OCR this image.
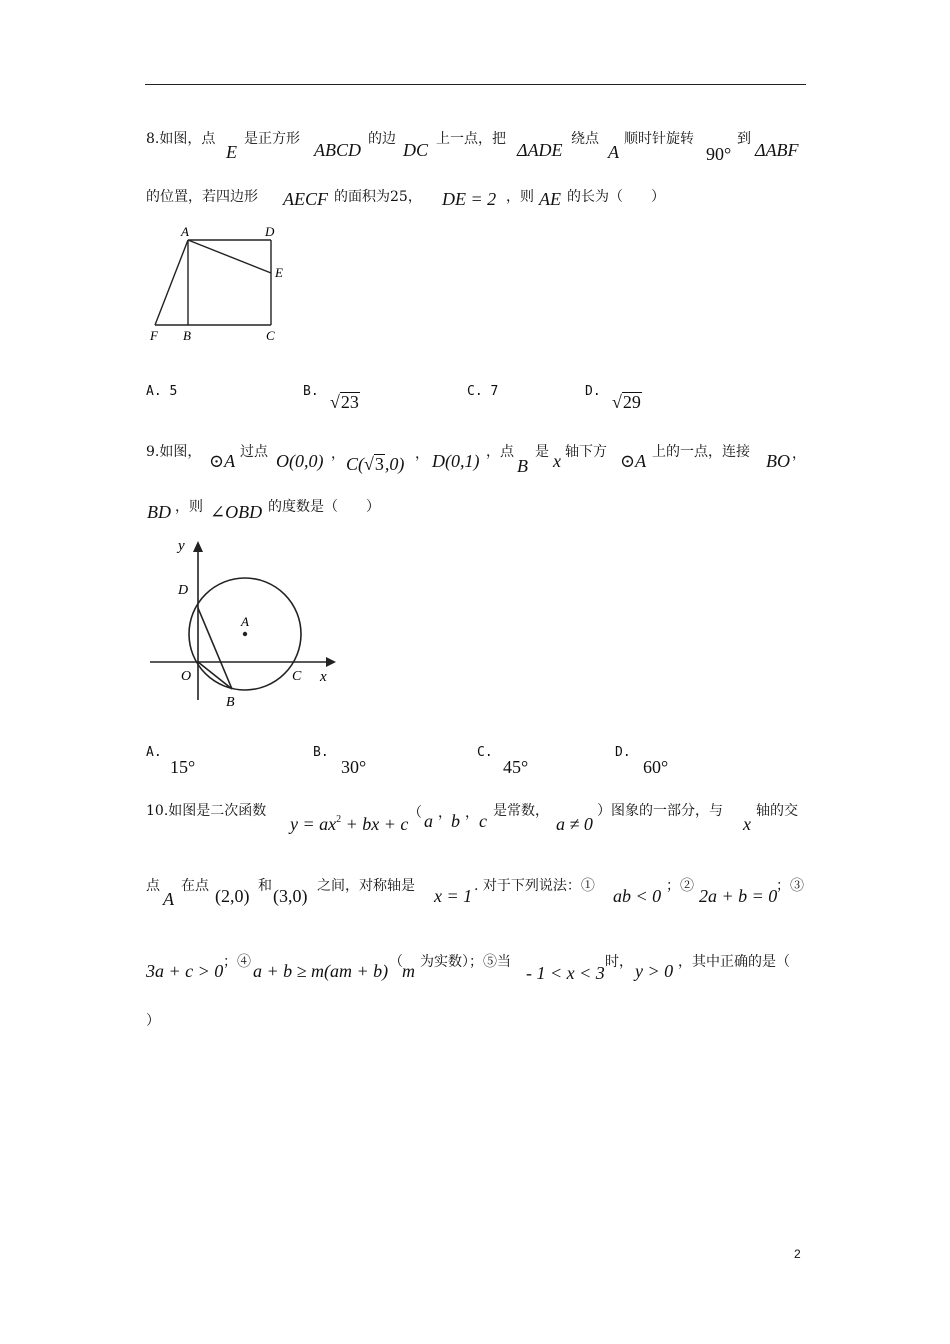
8.如图，点
E
是正方形
ABCD
的边
DC
上一点，把
ΔADE
绕点
A
顺时针旋转
90°
到
ΔABF
的位置，若四边形 AECF 的面积为25， DE = 2 ，则 AE 的长为（　　）
A	D
E
F B	C
A. 5	B.
√23
C. 7	D.
√29
9.如图， ⊙A 过点 O(0,0) ， C(√3,0) ， D(0,1) ，点
B
是 x 轴下方 ⊙A 上的一点，连接 BO ，
BD ，则 ∠OBD 的度数是（　　）
y
x
D
A
O	C
B
A.
15°
B.
30°
C.
45°
D.
60°
10.如图是二次函数
$y = ax^2$ + bx + c
（ a ， b ， c 是常数，
a ≠ 0
）图象的一部分，与
x
轴的交
点
A
在点 (2,0) 和 (3,0) 之间，对称轴是 x = 1 . 对于下列说法：① ab < 0 ；② 2a + b = 0
；③
3a + c > 0 ；④ a + b ≥ m(am + b) （ m 为实数）；⑤当
- 1 < x < 3
时， y > 0 ，其中正确的是（
）
2
